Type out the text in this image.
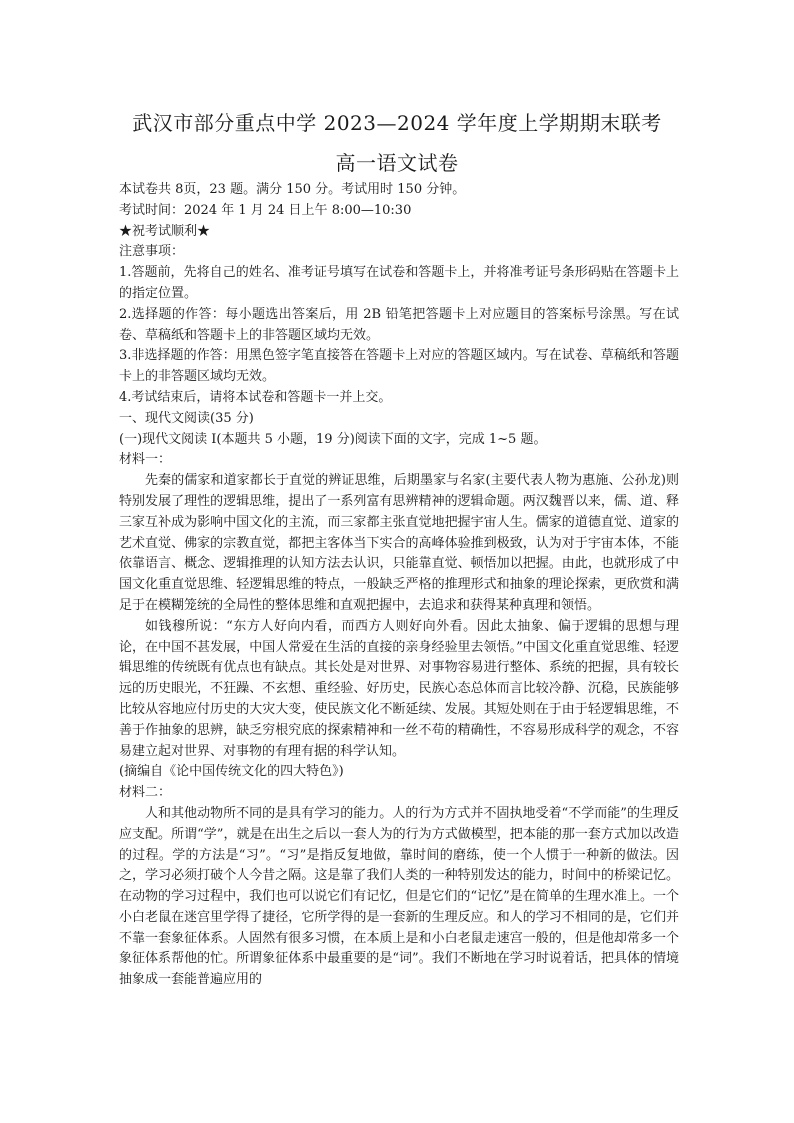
武汉市部分重点中学 2023—2024 学年度上学期期末联考
高一语文试卷

本试卷共 8页，23 题。满分 150 分。考试用时 150 分钟。

考试时间：2024 年 1 月 24 日上午 8:00—10:30

★祝考试顺利★

注意事项：

1.答题前，先将自己的姓名、准考证号填写在试卷和答题卡上，并将准考证号条形码贴在答题卡上的指定位置。

2.选择题的作答：每小题选出答案后，用 2B 铅笔把答题卡上对应题目的答案标号涂黑。写在试卷、草稿纸和答题卡上的非答题区域均无效。

3.非选择题的作答：用黑色签字笔直接答在答题卡上对应的答题区域内。写在试卷、草稿纸和答题卡上的非答题区域均无效。

4.考试结束后，请将本试卷和答题卡一并上交。

一、现代文阅读(35 分)

(一)现代文阅读 I(本题共 5 小题，19 分)阅读下面的文字，完成 1~5 题。

材料一：

先秦的儒家和道家都长于直觉的辨证思维，后期墨家与名家(主要代表人物为惠施、公孙龙)则特别发展了理性的逻辑思维，提出了一系列富有思辨精神的逻辑命题。两汉魏晋以来，儒、道、释三家互补成为影响中国文化的主流，而三家都主张直觉地把握宇宙人生。儒家的道德直觉、道家的艺术直觉、佛家的宗教直觉，都把主客体当下实合的高峰体验推到极致，认为对于宇宙本体，不能依靠语言、概念、逻辑推理的认知方法去认识，只能靠直觉、顿悟加以把握。由此，也就形成了中国文化重直觉思维、轻逻辑思维的特点，一般缺乏严格的推理形式和抽象的理论探索，更欣赏和满足于在模糊笼统的全局性的整体思维和直观把握中，去追求和获得某种真理和领悟。

如钱穆所说：“东方人好向内看，而西方人则好向外看。因此太抽象、偏于逻辑的思想与理论，在中国不甚发展，中国人常爱在生活的直接的亲身经验里去领悟。”中国文化重直觉思维、轻逻辑思维的传统既有优点也有缺点。其长处是对世界、对事物容易进行整体、系统的把握，具有较长远的历史眼光，不狂躁、不玄想、重经验、好历史，民族心态总体而言比较冷静、沉稳，民族能够比较从容地应付历史的大灾大变，使民族文化不断延续、发展。其短处则在于由于轻逻辑思维，不善于作抽象的思辨，缺乏穷根究底的探索精神和一丝不苟的精确性，不容易形成科学的观念，不容易建立起对世界、对事物的有理有据的科学认知。

(摘编自《论中国传统文化的四大特色》)

材料二：

人和其他动物所不同的是具有学习的能力。人的行为方式并不固执地受着“不学而能”的生理反应支配。所谓“学”，就是在出生之后以一套人为的行为方式做模型，把本能的那一套方式加以改造的过程。学的方法是“习”。“习”是指反复地做，靠时间的磨练，使一个人惯于一种新的做法。因之，学习必须打破个人今昔之隔。这是靠了我们人类的一种特别发达的能力，时间中的桥梁记忆。在动物的学习过程中，我们也可以说它们有记忆，但是它们的“记忆”是在简单的生理水准上。一个小白老鼠在迷宫里学得了捷径，它所学得的是一套新的生理反应。和人的学习不相同的是，它们并不靠一套象征体系。人固然有很多习惯，在本质上是和小白老鼠走速宫一般的，但是他却常多一个象征体系帮他的忙。所谓象征体系中最重要的是“词”。我们不断地在学习时说着话，把具体的情境抽象成一套能普遍应用的
